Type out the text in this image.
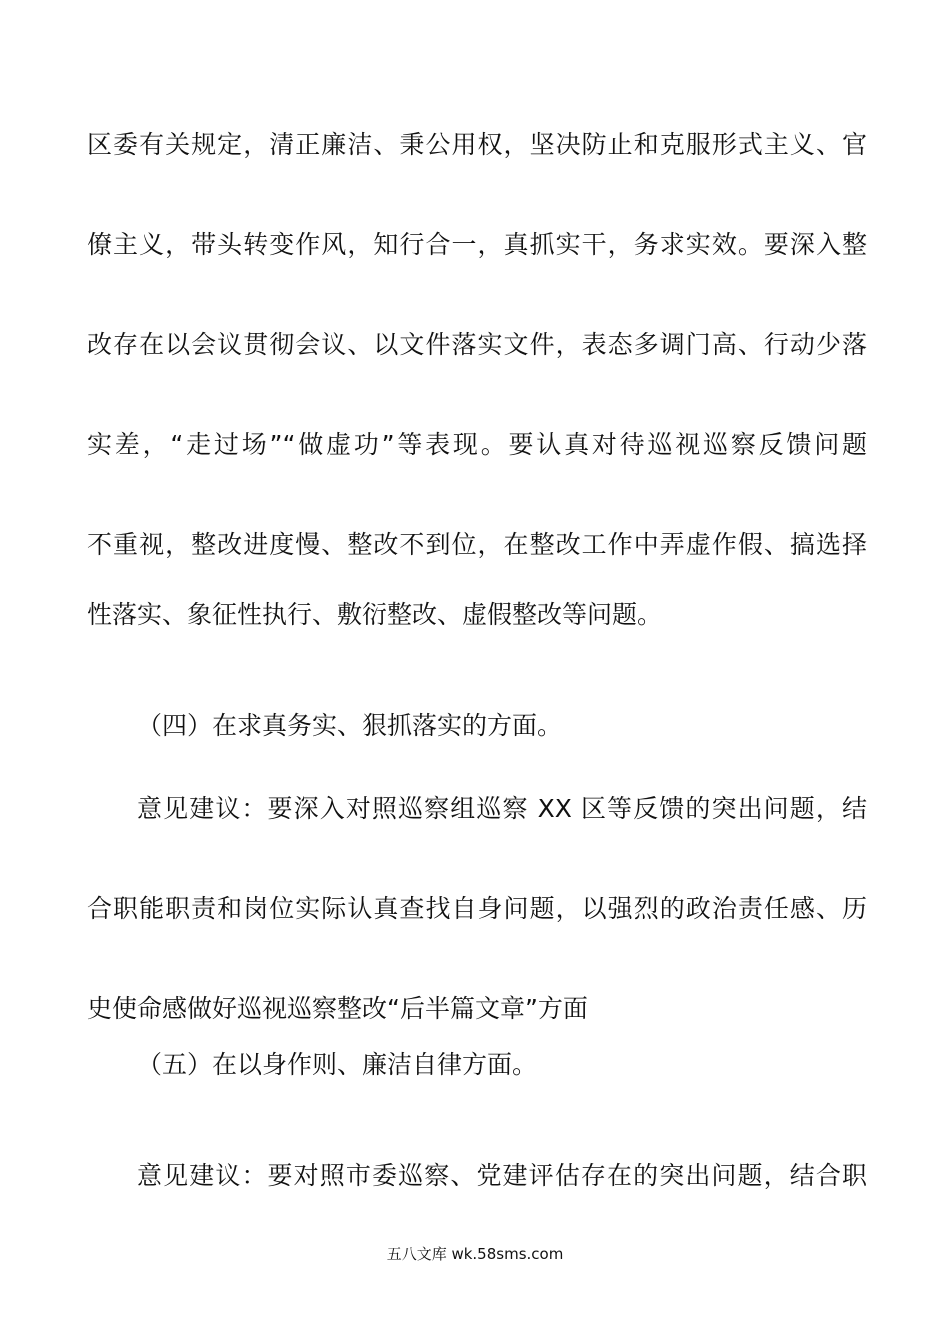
区委有关规定，清正廉洁、秉公用权，坚决防止和克服形式主义、官
僚主义，带头转变作风，知行合一，真抓实干，务求实效。要深入整
改存在以会议贯彻会议、以文件落实文件，表态多调门高、行动少落
实差，“走过场”“做虚功”等表现。要认真对待巡视巡察反馈问题
不重视，整改进度慢、整改不到位，在整改工作中弄虚作假、搞选择
性落实、象征性执行、敷衍整改、虚假整改等问题。
（四）在求真务实、狠抓落实的方面。
意见建议：要深入对照巡察组巡察 XX 区等反馈的突出问题，结
合职能职责和岗位实际认真查找自身问题，以强烈的政治责任感、历
史使命感做好巡视巡察整改“后半篇文章”方面
（五）在以身作则、廉洁自律方面。
意见建议：要对照市委巡察、党建评估存在的突出问题，结合职
五八文库 wk.58sms.com
